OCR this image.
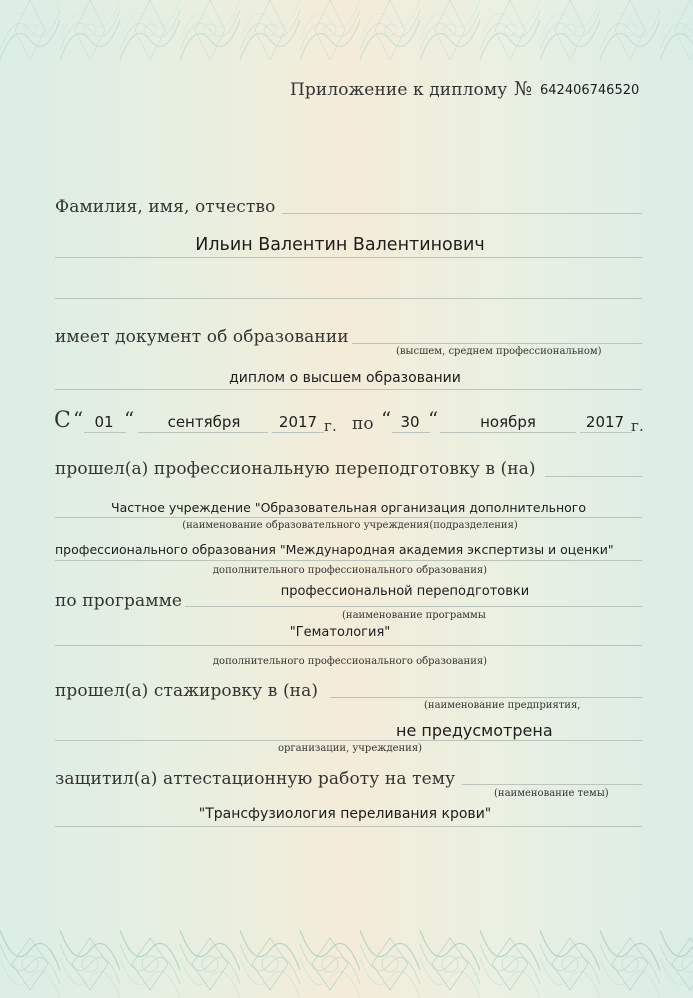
Приложение к диплому № 642406746520
Фамилия, имя, отчество
Ильин Валентин Валентинович
имеет документ об образовании
(высшем, среднем профессиональном)
диплом о высшем образовании
С “ 01 “	сентября	2017 г. по “ 30 “	ноября	2017 г.
прошел(а) профессиональную переподготовку в (на)
Частное учреждение "Образовательная организация дополнительного
(наименование образовательного учреждения(подразделения)
профессионального образования "Международная академия экспертизы и оценки"
дополнительного профессионального образования)
по программе	профессиональной переподготовки
(наименование программы
"Гематология"
дополнительного профессионального образования)
прошел(а) стажировку в (на)
(наименование предприятия,
не предусмотрена
организации, учреждения)
защитил(а) аттестационную работу на тему
(наименование темы)
"Трансфузиология переливания крови"
